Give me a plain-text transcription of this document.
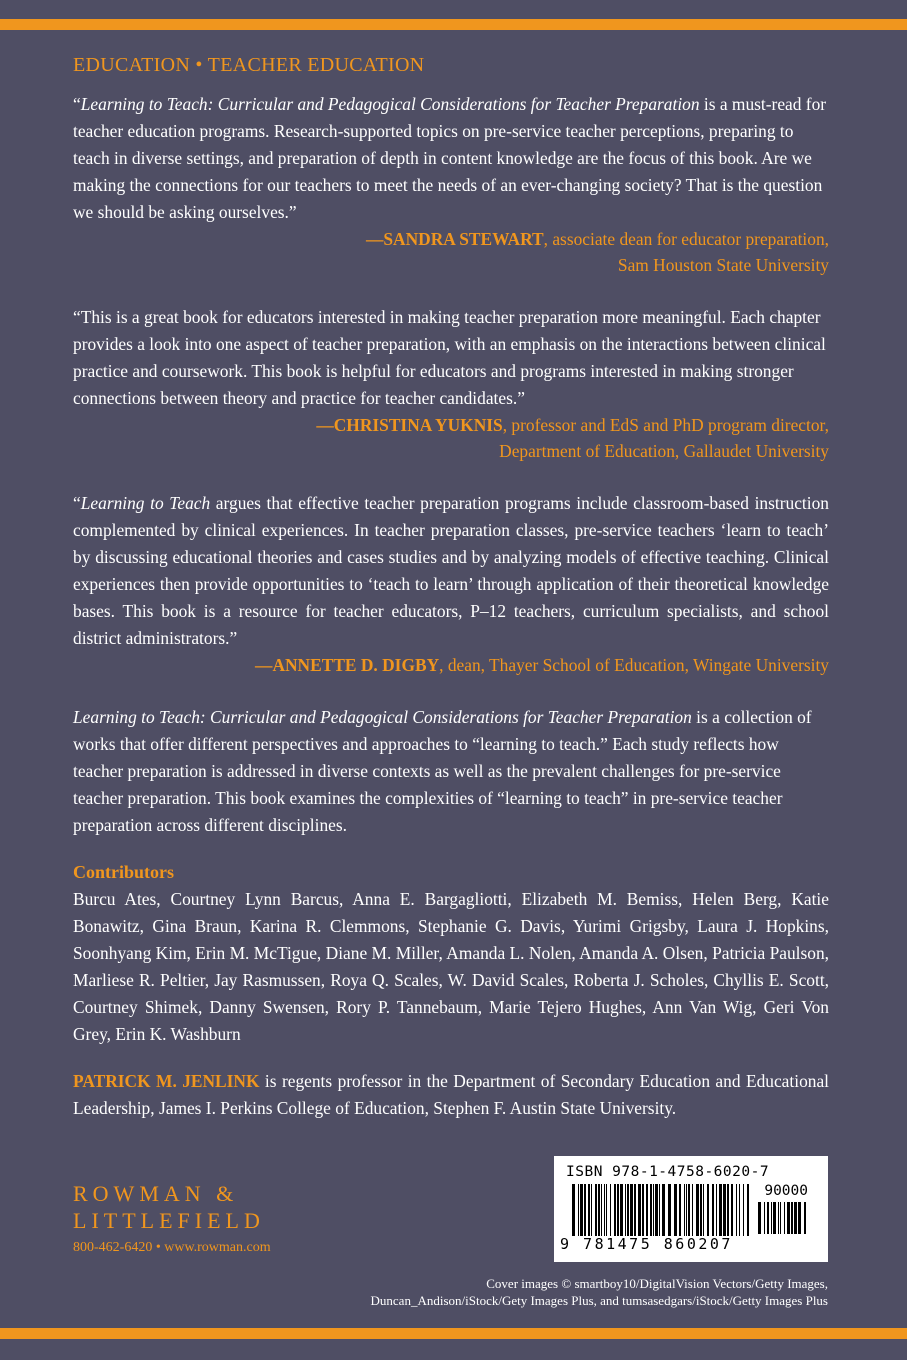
EDUCATION • TEACHER EDUCATION

“Learning to Teach: Curricular and Pedagogical Considerations for Teacher Preparation is a must-read for teacher education programs. Research-supported topics on pre-service teacher perceptions, preparing to teach in diverse settings, and preparation of depth in content knowledge are the focus of this book. Are we making the connections for our teachers to meet the needs of an ever-changing society? That is the question we should be asking ourselves.”

—SANDRA STEWART, associate dean for educator preparation,
Sam Houston State University

“This is a great book for educators interested in making teacher preparation more meaningful. Each chapter provides a look into one aspect of teacher preparation, with an emphasis on the interactions between clinical practice and coursework. This book is helpful for educators and programs interested in making stronger connections between theory and practice for teacher candidates.”

—CHRISTINA YUKNIS, professor and EdS and PhD program director,
Department of Education, Gallaudet University

“Learning to Teach argues that effective teacher preparation programs include classroom-based instruction complemented by clinical experiences. In teacher preparation classes, pre-service teachers ‘learn to teach’ by discussing educational theories and cases studies and by analyzing models of effective teaching. Clinical experiences then provide opportunities to ‘teach to learn’ through application of their theoretical knowledge bases. This book is a resource for teacher educators, P–12 teachers, curriculum specialists, and school district administrators.”

—ANNETTE D. DIGBY, dean, Thayer School of Education, Wingate University

Learning to Teach: Curricular and Pedagogical Considerations for Teacher Preparation is a collection of works that offer different perspectives and approaches to “learning to teach.” Each study reflects how teacher preparation is addressed in diverse contexts as well as the prevalent challenges for pre-service teacher preparation. This book examines the complexities of “learning to teach” in pre-service teacher preparation across different disciplines.

Contributors

Burcu Ates, Courtney Lynn Barcus, Anna E. Bargagliotti, Elizabeth M. Bemiss, Helen Berg, Katie Bonawitz, Gina Braun, Karina R. Clemmons, Stephanie G. Davis, Yurimi Grigsby, Laura J. Hopkins, Soonhyang Kim, Erin M. McTigue, Diane M. Miller, Amanda L. Nolen, Amanda A. Olsen, Patricia Paulson, Marliese R. Peltier, Jay Rasmussen, Roya Q. Scales, W. David Scales, Roberta J. Scholes, Chyllis E. Scott, Courtney Shimek, Danny Swensen, Rory P. Tannebaum, Marie Tejero Hughes, Ann Van Wig, Geri Von Grey, Erin K. Washburn

PATRICK M. JENLINK is regents professor in the Department of Secondary Education and Educational Leadership, James I. Perkins College of Education, Stephen F. Austin State University.

ROWMAN &
LITTLEFIELD
800-462-6420 • www.rowman.com
ISBN 978-1-4758-6020-7
90000
9 781475 860207
Cover images © smartboy10/DigitalVision Vectors/Getty Images,
Duncan_Andison/iStock/Gety Images Plus, and tumsasedgars/iStock/Getty Images Plus
